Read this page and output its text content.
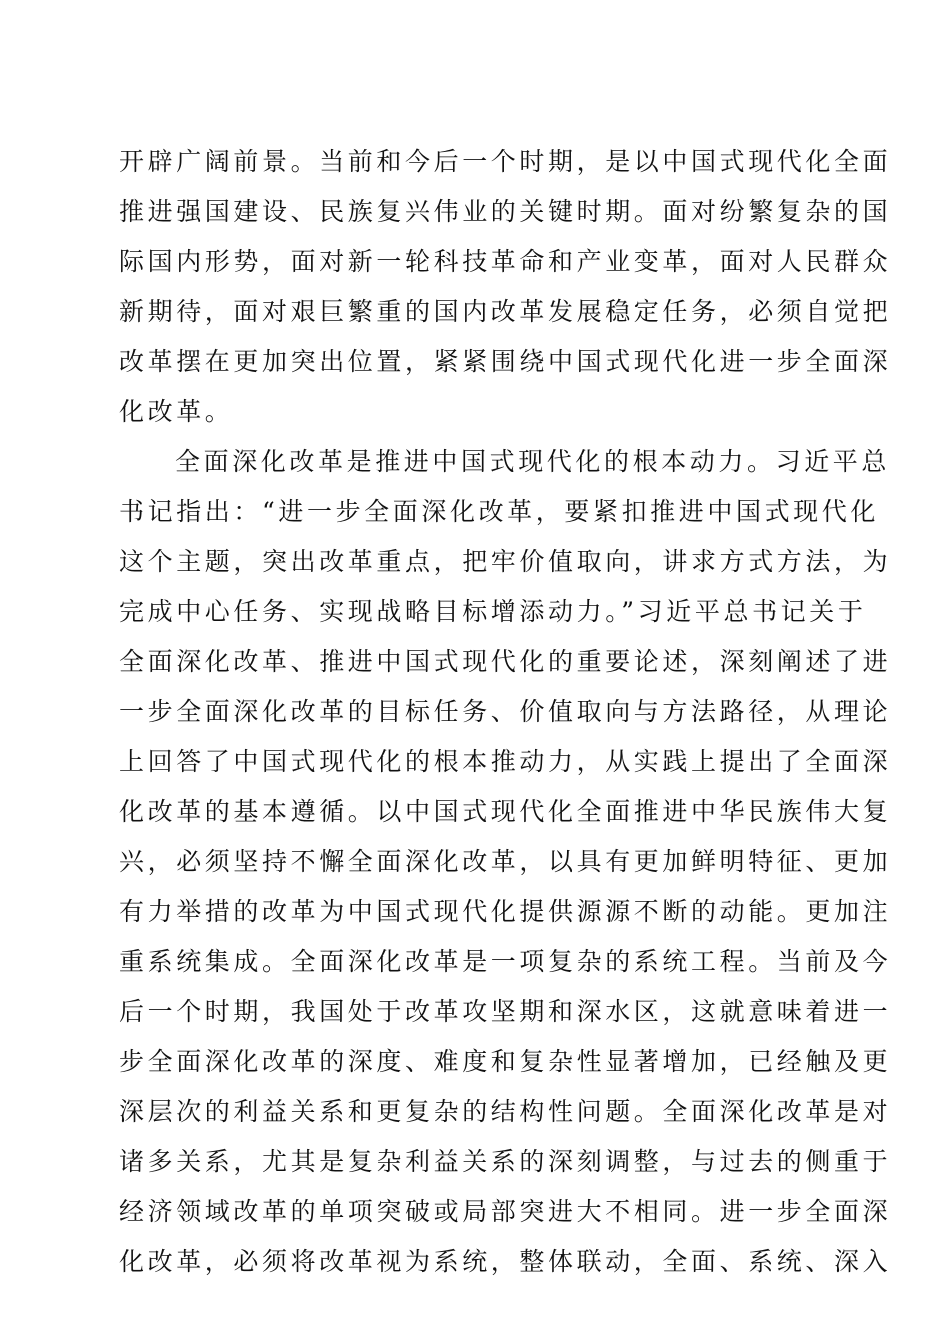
开辟广阔前景。当前和今后一个时期，是以中国式现代化全面
推进强国建设、民族复兴伟业的关键时期。面对纷繁复杂的国
际国内形势，面对新一轮科技革命和产业变革，面对人民群众
新期待，面对艰巨繁重的国内改革发展稳定任务，必须自觉把
改革摆在更加突出位置，紧紧围绕中国式现代化进一步全面深
化改革。
全面深化改革是推进中国式现代化的根本动力。习近平总
书记指出：“进一步全面深化改革，要紧扣推进中国式现代化
这个主题，突出改革重点，把牢价值取向，讲求方式方法，为
完成中心任务、实现战略目标增添动力。”习近平总书记关于
全面深化改革、推进中国式现代化的重要论述，深刻阐述了进
一步全面深化改革的目标任务、价值取向与方法路径，从理论
上回答了中国式现代化的根本推动力，从实践上提出了全面深
化改革的基本遵循。以中国式现代化全面推进中华民族伟大复
兴，必须坚持不懈全面深化改革，以具有更加鲜明特征、更加
有力举措的改革为中国式现代化提供源源不断的动能。更加注
重系统集成。全面深化改革是一项复杂的系统工程。当前及今
后一个时期，我国处于改革攻坚期和深水区，这就意味着进一
步全面深化改革的深度、难度和复杂性显著增加，已经触及更
深层次的利益关系和更复杂的结构性问题。全面深化改革是对
诸多关系，尤其是复杂利益关系的深刻调整，与过去的侧重于
经济领域改革的单项突破或局部突进大不相同。进一步全面深
化改革，必须将改革视为系统，整体联动，全面、系统、深入
